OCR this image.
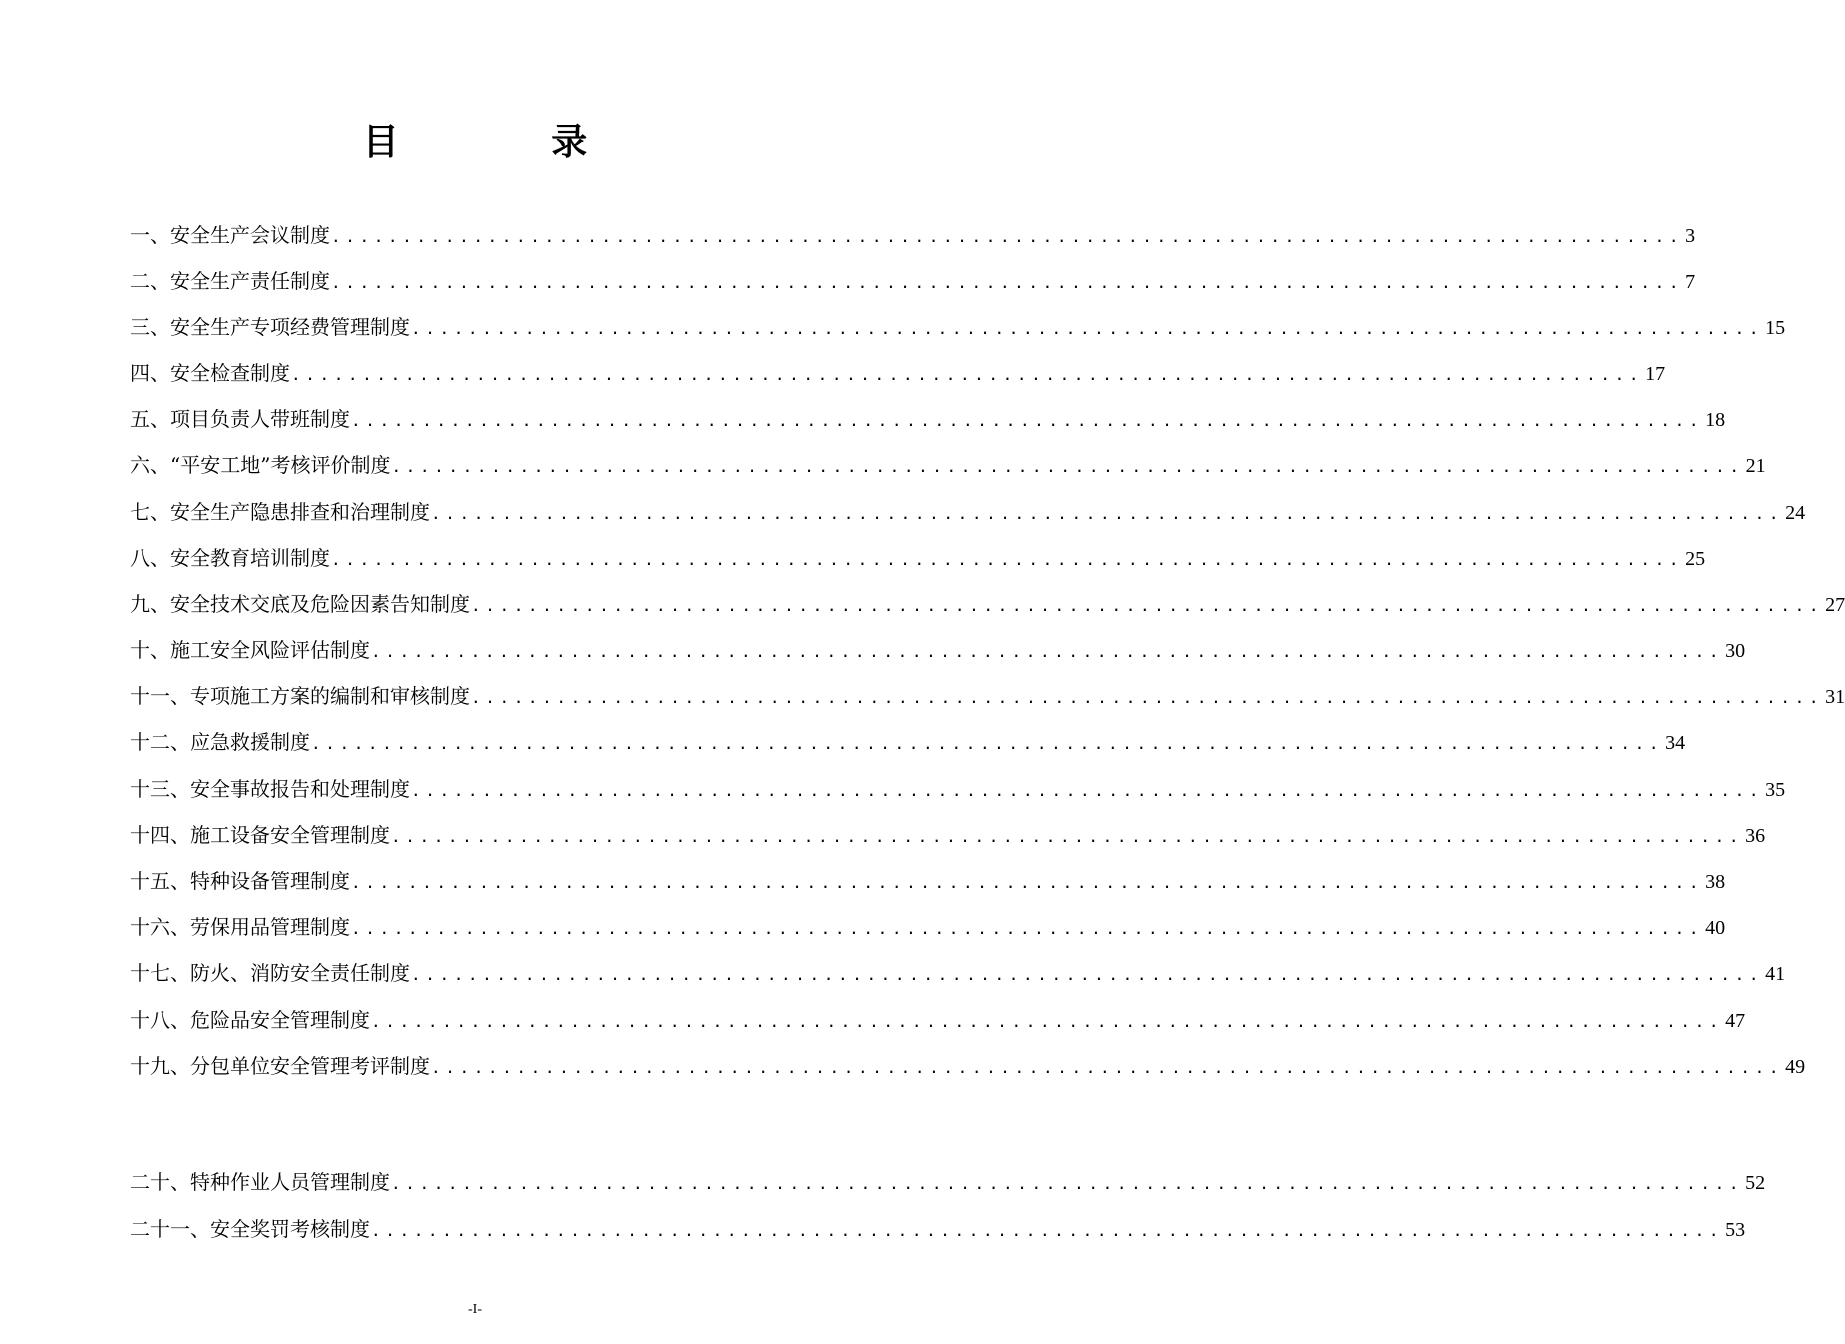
目 录
一、安全生产会议制度 ............................................................................................... 3
二、安全生产责任制度 ............................................................................................... 7
三、安全生产专项经费管理制度 ............................................................................................... 15
四、安全检查制度 ............................................................................................... 17
五、项目负责人带班制度 ............................................................................................... 18
六、“平安工地”考核评价制度 ............................................................................................... 21
七、安全生产隐患排查和治理制度 ............................................................................................... 24
八、安全教育培训制度 ............................................................................................... 25
九、安全技术交底及危险因素告知制度 ............................................................................................... 27
十、施工安全风险评估制度 ............................................................................................... 30
十一、专项施工方案的编制和审核制度 ............................................................................................... 31
十二、应急救援制度 ............................................................................................... 34
十三、安全事故报告和处理制度 ............................................................................................... 35
十四、施工设备安全管理制度 ............................................................................................... 36
十五、特种设备管理制度 ............................................................................................... 38
十六、劳保用品管理制度 ............................................................................................... 40
十七、防火、消防安全责任制度 ............................................................................................... 41
十八、危险品安全管理制度 ............................................................................................... 47
十九、分包单位安全管理考评制度 ............................................................................................... 49
二十、特种作业人员管理制度 ............................................................................................... 52
二十一、安全奖罚考核制度 ............................................................................................... 53
-I-
